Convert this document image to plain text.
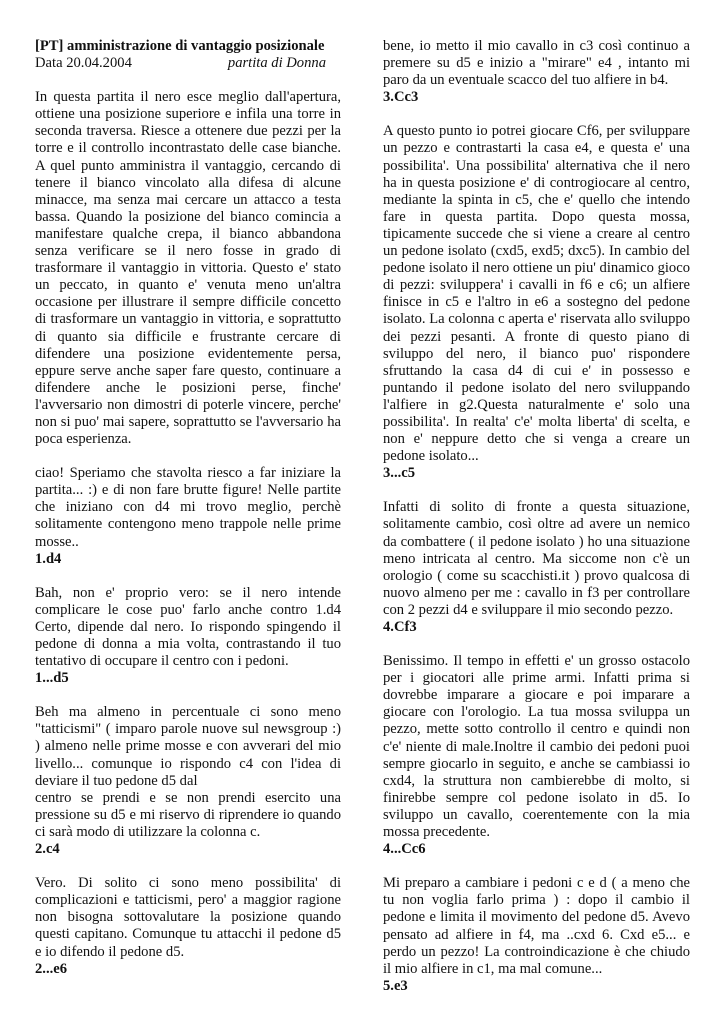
[PT] amministrazione di vantaggio posizionale
Data 20.04.2004	partita di Donna

In questa partita il nero esce meglio dall'apertura, ottiene una posizione superiore e infila una torre in seconda traversa. Riesce a ottenere due pezzi per la torre e il controllo incontrastato delle case bianche. A quel punto amministra il vantaggio, cercando di tenere il bianco vincolato alla difesa di alcune minacce, ma senza mai cercare un attacco a testa bassa. Quando la posizione del bianco comincia a manifestare qualche crepa, il bianco abbandona senza verificare se il nero fosse in grado di trasformare il vantaggio in vittoria. Questo e' stato un peccato, in quanto e' venuta meno un'altra occasione per illustrare il sempre difficile concetto di trasformare un vantaggio in vittoria, e soprattutto di quanto sia difficile e frustrante cercare di difendere una posizione evidentemente persa, eppure serve anche saper fare questo, continuare a difendere anche le posizioni perse, finche' l'avversario non dimostri di poterle vincere, perche' non si puo' mai sapere, soprattutto se l'avversario ha poca esperienza.

ciao! Speriamo che stavolta riesco a far iniziare la partita... :) e di non fare brutte figure! Nelle partite che iniziano con d4 mi trovo meglio, perchè solitamente contengono meno trappole nelle prime mosse..

1.d4

Bah, non e' proprio vero: se il nero intende complicare le cose puo' farlo anche contro 1.d4 Certo, dipende dal nero. Io rispondo spingendo il pedone di donna a mia volta, contrastando il tuo tentativo di occupare il centro con i pedoni.

1...d5

Beh ma almeno in percentuale ci sono meno "tatticismi" ( imparo parole nuove sul newsgroup :) ) almeno nelle prime mosse e con avverari del mio livello... comunque io rispondo c4 con l'idea di deviare il tuo pedone d5 dal

centro se prendi e se non prendi esercito una pressione su d5 e mi riservo di riprendere io quando ci sarà modo di utilizzare la colonna c.

2.c4

Vero. Di solito ci sono meno possibilita' di complicazioni e tatticismi, pero' a maggior ragione non bisogna sottovalutare la posizione quando questi capitano. Comunque tu attacchi il pedone d5 e io difendo il pedone d5.

2...e6

bene, io metto il mio cavallo in c3 così continuo a premere su d5 e inizio a "mirare" e4 , intanto mi paro da un eventuale scacco del tuo alfiere in b4.

3.Cc3

A questo punto io potrei giocare Cf6, per sviluppare un pezzo e contrastarti la casa e4, e questa e' una possibilita'. Una possibilita' alternativa che il nero ha in questa posizione e' di controgiocare al centro, mediante la spinta in c5, che e' quello che intendo fare in questa partita. Dopo questa mossa, tipicamente succede che si viene a creare al centro un pedone isolato (cxd5, exd5; dxc5). In cambio del pedone isolato il nero ottiene un piu' dinamico gioco di pezzi: sviluppera' i cavalli in f6 e c6; un alfiere finisce in c5 e l'altro in e6 a sostegno del pedone isolato. La colonna c aperta e' riservata allo sviluppo dei pezzi pesanti. A fronte di questo piano di sviluppo del nero, il bianco puo' rispondere sfruttando la casa d4 di cui e' in possesso e puntando il pedone isolato del nero sviluppando l'alfiere in g2.Questa naturalmente e' solo una possibilita'. In realta' c'e' molta liberta' di scelta, e non e' neppure detto che si venga a creare un pedone isolato...

3...c5

Infatti di solito di fronte a questa situazione, solitamente cambio, così oltre ad avere un nemico da combattere ( il pedone isolato ) ho una situazione meno intricata al centro. Ma siccome non c'è un orologio ( come su scacchisti.it ) provo qualcosa di nuovo almeno per me : cavallo in f3 per controllare con 2 pezzi d4 e sviluppare il mio secondo pezzo.

4.Cf3

Benissimo. Il tempo in effetti e' un grosso ostacolo per i giocatori alle prime armi. Infatti prima si dovrebbe imparare a giocare e poi imparare a giocare con l'orologio. La tua mossa sviluppa un pezzo, mette sotto controllo il centro e quindi non c'e' niente di male.Inoltre il cambio dei pedoni puoi sempre giocarlo in seguito, e anche se cambiassi io cxd4, la struttura non cambierebbe di molto, si finirebbe sempre col pedone isolato in d5. Io sviluppo un cavallo, coerentemente con la mia mossa precedente.

4...Cc6

Mi preparo a cambiare i pedoni c e d ( a meno che tu non voglia farlo prima ) : dopo il cambio il pedone e limita il movimento del pedone d5. Avevo pensato ad alfiere in f4, ma ..cxd 6. Cxd e5... e perdo un pezzo! La controindicazione è che chiudo il mio alfiere in c1, ma mal comune...

5.e3
